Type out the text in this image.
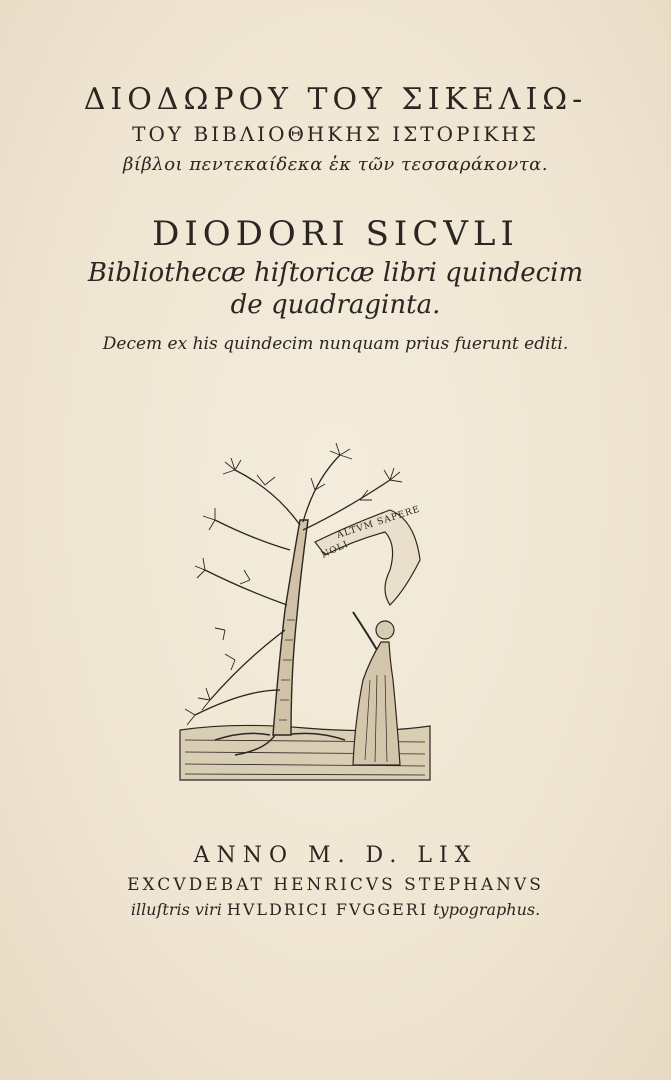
ΔΙΟΔΩΡΟΥ ΤΟΥ ΣΙΚΕΛΙΩ-
ΤΟΥ ΒΙΒΛΙΟΘΗΚΗΣ ΙΣΤΟΡΙΚΗΣ
βίβλοι πεντεκαίδεκα ἐκ τῶν τεσσαράκοντα.
DIODORI SICVLI
Bibliothecæ hiſtoricæ libri quindecim
de quadraginta.
Decem ex his quindecim nunquam prius fuerunt editi.
ALTVM SAPERE
NOLI
ANNO M. D. LIX
EXCVDEBAT HENRICVS STEPHANVS
illuſtris viri HVLDRICI FVGGERI typographus.
